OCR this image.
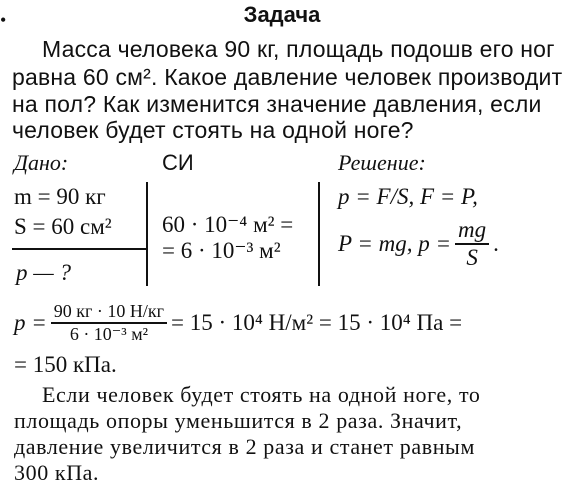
Задача
•
Масса человека 90 кг, площадь подошв его ног
равна 60 см². Какое давление человек производит
на пол? Как изменится значение давления, если
человек будет стоять на одной ноге?
Дано:	СИ	Решение:
m = 90 кг
S = 60 см²
p — ?
60 · 10⁻⁴ м² =
= 6 · 10⁻³ м²
p = F/S, F = P,
P = mg, $p = \frac{mg}{S}$ .
$p = \frac{90 кг \cdot 10 Н/кг}{\text{6 · 10⁻³ м²}} = 15 \cdot 10^4$ Н/м² = 15 · 10⁴ Па =
= 150 кПа.
Если человек будет стоять на одной ноге, то
площадь опоры уменьшится в 2 раза. Значит,
давление увеличится в 2 раза и станет равным
300 кПа.
